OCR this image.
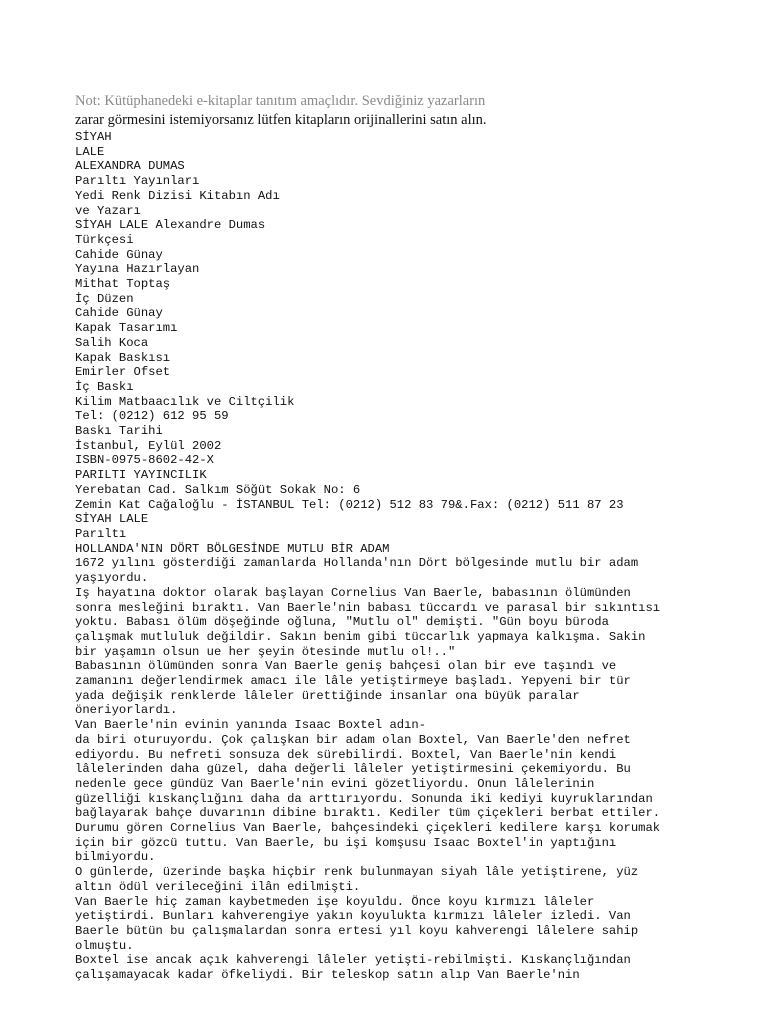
Not: Kütüphanedeki e-kitaplar tanıtım amaçlıdır. Sevdiğiniz yazarların
zarar görmesini istemiyorsanız lütfen kitapların orijinallerini satın alın.
SİYAH
LALE
ALEXANDRA DUMAS
Parıltı Yayınları
Yedi Renk Dizisi Kitabın Adı
ve Yazarı
SİYAH LALE Alexandre Dumas
Türkçesi
Cahide Günay
Yayına Hazırlayan
Mithat Toptaş
İç Düzen
Cahide Günay
Kapak Tasarımı
Salih Koca
Kapak Baskısı
Emirler Ofset
İç Baskı
Kilim Matbaacılık ve Ciltçilik
Tel: (0212) 612 95 59
Baskı Tarihi
İstanbul, Eylül 2002
ISBN-0975-8602-42-X
PARILTI YAYINCILIK
Yerebatan Cad. Salkım Söğüt Sokak No: 6
Zemin Kat Cağaloğlu - İSTANBUL Tel: (0212) 512 83 79&.Fax: (0212) 511 87 23
SİYAH LALE
Parıltı
HOLLANDA'NIN DÖRT BÖLGESİNDE MUTLU BİR ADAM
1672 yılını gösterdiği zamanlarda Hollanda'nın Dört bölgesinde mutlu bir adam
yaşıyordu.
Iş hayatına doktor olarak başlayan Cornelius Van Baerle, babasının ölümünden
sonra mesleğini bıraktı. Van Baerle'nin babası tüccardı ve parasal bir sıkıntısı
yoktu. Babası ölüm döşeğinde oğluna, "Mutlu ol" demişti. "Gün boyu büroda
çalışmak mutluluk değildir. Sakın benim gibi tüccarlık yapmaya kalkışma. Sakin
bir yaşamın olsun ue her şeyin ötesinde mutlu ol!.."
Babasının ölümünden sonra Van Baerle geniş bahçesi olan bir eve taşındı ve
zamanını değerlendirmek amacı ile lâle yetiştirmeye başladı. Yepyeni bir tür
yada değişik renklerde lâleler ürettiğinde insanlar ona büyük paralar
öneriyorlardı.
Van Baerle'nin evinin yanında Isaac Boxtel adın-
da biri oturuyordu. Çok çalışkan bir adam olan Boxtel, Van Baerle'den nefret
ediyordu. Bu nefreti sonsuza dek sürebilirdi. Boxtel, Van Baerle'nin kendi
lâlelerinden daha güzel, daha değerli lâleler yetiştirmesini çekemiyordu. Bu
nedenle gece gündüz Van Baerle'nin evini gözetliyordu. Onun lâlelerinin
güzelliği kıskançlığını daha da arttırıyordu. Sonunda iki kediyi kuyruklarından
bağlayarak bahçe duvarının dibine bıraktı. Kediler tüm çiçekleri berbat ettiler.
Durumu gören Cornelius Van Baerle, bahçesindeki çiçekleri kedilere karşı korumak
için bir gözcü tuttu. Van Baerle, bu işi komşusu Isaac Boxtel'in yaptığını
bilmiyordu.
O günlerde, üzerinde başka hiçbir renk bulunmayan siyah lâle yetiştirene, yüz
altın ödül verileceğini ilân edilmişti.
Van Baerle hiç zaman kaybetmeden işe koyuldu. Önce koyu kırmızı lâleler
yetiştirdi. Bunları kahverengiye yakın koyulukta kırmızı lâleler izledi. Van
Baerle bütün bu çalışmalardan sonra ertesi yıl koyu kahverengi lâlelere sahip
olmuştu.
Boxtel ise ancak açık kahverengi lâleler yetişti-rebilmişti. Kıskançlığından
çalışamayacak kadar öfkeliydi. Bir teleskop satın alıp Van Baerle'nin
